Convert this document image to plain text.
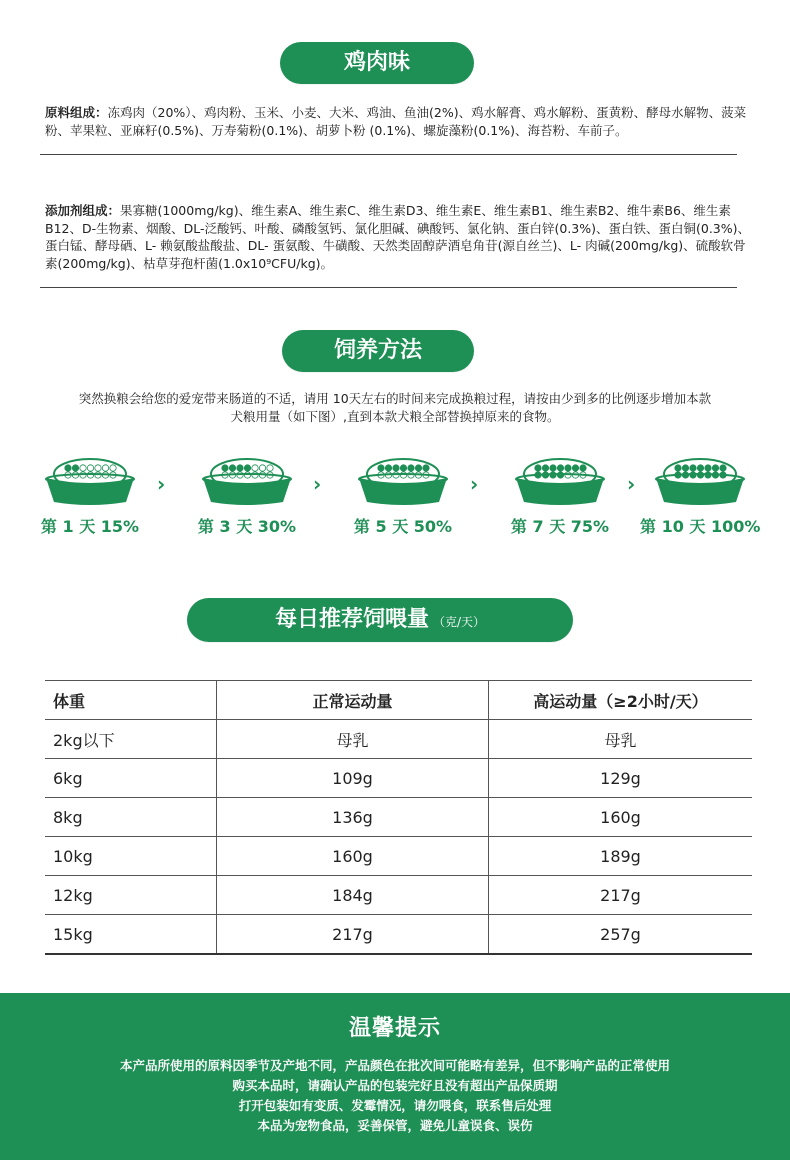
鸡肉味
原料组成：冻鸡肉（20%）、鸡肉粉、玉米、小麦、大米、鸡油、鱼油(2%)、鸡水解膏、鸡水解粉、蛋黄粉、酵母水解物、菠菜粉、苹果粒、亚麻籽(0.5%)、万寿菊粉(0.1%)、胡萝卜粉 (0.1%)、螺旋藻粉(0.1%)、海苔粉、车前子。
添加剂组成：果寡糖(1000mg/kg)、维生素A、维生素C、维生素D3、维生素E、维生素B1、维生素B2、维牛素B6、维生素B12、D-生物素、烟酸、DL-泛酸钙、叶酸、磷酸氢钙、氯化胆碱、碘酸钙、氯化钠、蛋白锌(0.3%)、蛋白铁、蛋白铜(0.3%)、蛋白锰、酵母硒、L- 赖氨酸盐酸盐、DL- 蛋氨酸、牛磺酸、天然类固醇萨酒皂角苷(源自丝兰)、L- 肉碱(200mg/kg)、硫酸软骨素(200mg/kg)、枯草芽孢杆菌(1.0x10⁹CFU/kg)。
饲养方法
突然换粮会给您的爱宠带来肠道的不适，请用 10天左右的时间来完成换粮过程，请按由少到多的比例逐步增加本款
犬粮用量（如下图）,直到本款犬粮全部替换掉原来的食物。
第 1 天 15%	第 3 天 30%	第 5 天 50%	第 7 天 75%	第 10 天 100%
›	›	›	›
每日推荐饲喂量 （克/天）
体重	正常运动量	高运动量（≥2小时/天）
2kg以下	母乳	母乳
6kg	109g	129g
8kg	136g	160g
10kg	160g	189g
12kg	184g	217g
15kg	217g	257g
温馨提示
本产品所使用的原料因季节及产地不同，产品颜色在批次间可能略有差异，但不影响产品的正常使用
购买本品时，请确认产品的包装完好且没有超出产品保质期
打开包装如有变质、发霉情况，请勿喂食，联系售后处理
本品为宠物食品，妥善保管，避免儿童误食、误伤
